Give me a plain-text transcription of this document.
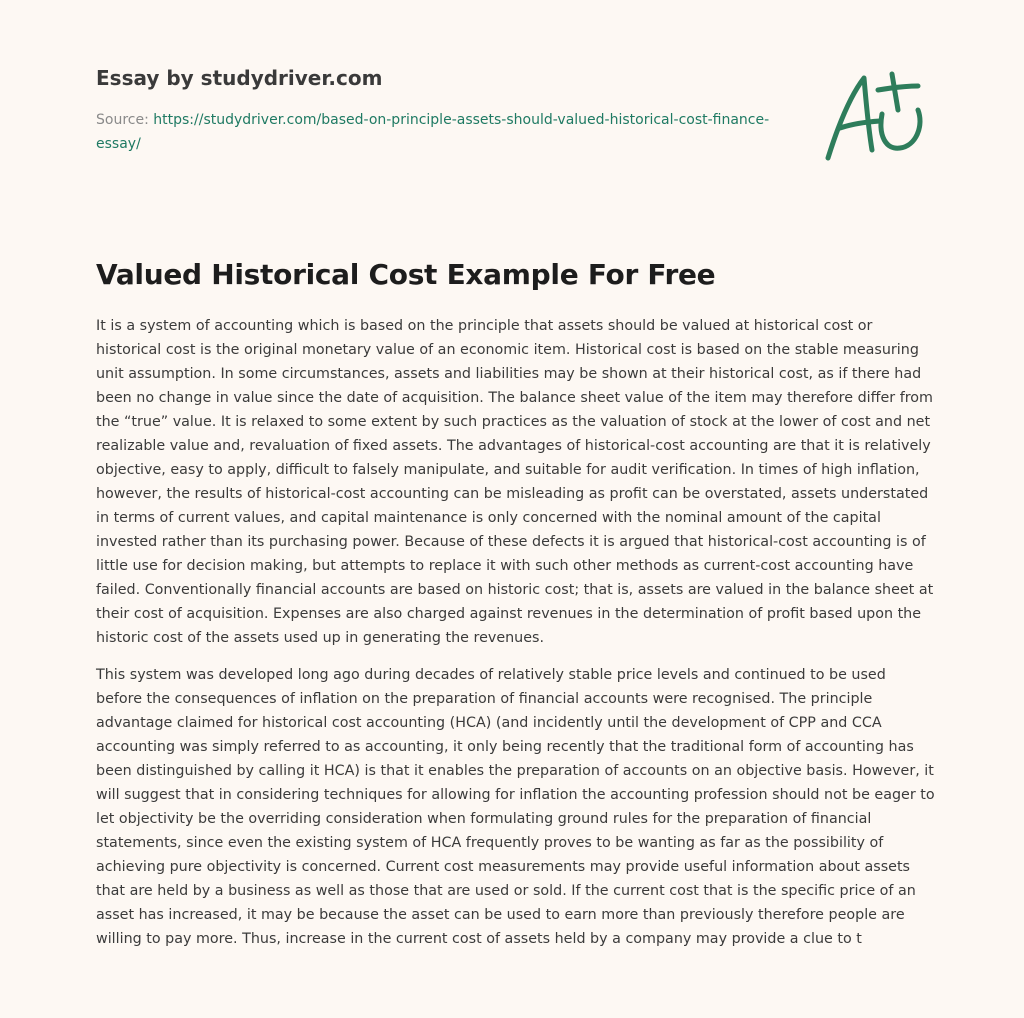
Essay by studydriver.com
Source: https://studydriver.com/based-on-principle-assets-should-valued-historical-cost-finance-essay/
Valued Historical Cost Example For Free

It is a system of accounting which is based on the principle that assets should be valued at historical cost or historical cost is the original monetary value of an economic item. Historical cost is based on the stable measuring unit assumption. In some circumstances, assets and liabilities may be shown at their historical cost, as if there had been no change in value since the date of acquisition. The balance sheet value of the item may therefore differ from the “true” value. It is relaxed to some extent by such practices as the valuation of stock at the lower of cost and net realizable value and, revaluation of fixed assets. The advantages of historical-cost accounting are that it is relatively objective, easy to apply, difficult to falsely manipulate, and suitable for audit verification. In times of high inflation, however, the results of historical-cost accounting can be misleading as profit can be overstated, assets understated in terms of current values, and capital maintenance is only concerned with the nominal amount of the capital invested rather than its purchasing power. Because of these defects it is argued that historical-cost accounting is of little use for decision making, but attempts to replace it with such other methods as current-cost accounting have failed. Conventionally financial accounts are based on historic cost; that is, assets are valued in the balance sheet at their cost of acquisition. Expenses are also charged against revenues in the determination of profit based upon the historic cost of the assets used up in generating the revenues.

This system was developed long ago during decades of relatively stable price levels and continued to be used before the consequences of inflation on the preparation of financial accounts were recognised. The principle advantage claimed for historical cost accounting (HCA) (and incidently until the development of CPP and CCA accounting was simply referred to as accounting, it only being recently that the traditional form of accounting has been distinguished by calling it HCA) is that it enables the preparation of accounts on an objective basis. However, it will suggest that in considering techniques for allowing for inflation the accounting profession should not be eager to let objectivity be the overriding consideration when formulating ground rules for the preparation of financial statements, since even the existing system of HCA frequently proves to be wanting as far as the possibility of achieving pure objectivity is concerned. Current cost measurements may provide useful information about assets that are held by a business as well as those that are used or sold. If the current cost that is the specific price of an asset has increased, it may be because the asset can be used to earn more than previously therefore people are willing to pay more. Thus, increase in the current cost of assets held by a company may provide a clue to t
